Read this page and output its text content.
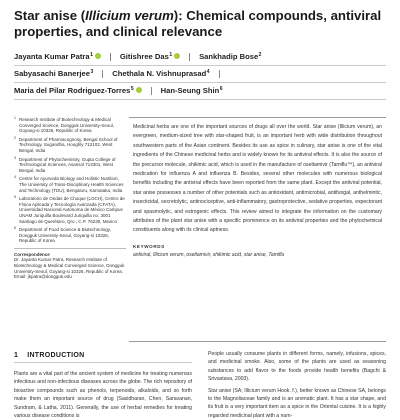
Star anise (Illicium verum): Chemical compounds, antiviral properties, and clinical relevance
Jayanta Kumar Patra$^1$	Gitishree Das$^1$	Sankhadip Bose$^2$
Sabyasachi Banerjee$^3$	Chethala N. Vishnuprasad$^4$
Maria del Pilar Rodriguez-Torres$^5$	Han-Seung Shin$^6$
1 Research Institute of Biotechnology & Medical Converged Science, Dongguk University-Seoul, Goyang-si 10326, Republic of Korea
2 Department of Pharmacognosy, Bengal School of Technology, Sugandha, Hooghly 712102, West Bengal, India
3 Department of Phytochemistry, Gupta College of Technological Sciences, Asansol 713301, West Bengal, India
4 Centre for Ayurveda Biology and Holistic Nutrition, The University of Trans-Disciplinary Health Sciences and Technology (TDU), Bengaluru, Karnataka, India
5 Laboratorio de Ondas de Choque (LOCH), Centro de Física Aplicada y Tecnología Avanzada (CFATA), Universidad Nacional Autónoma de México Campus UNAM Juriquilla Boulevard Juriquilla no. 3001 Santiago de Querétaro, Qro., C.P. 76230, Mexico
6 Department of Food Science & Biotechnology, Dongguk University-Seoul, Goyang-si 10326, Republic of Korea
Correspondence
Dr. Jayanta Kumar Patra, Research Institute of Biotechnology & Medical Converged Science, Dongguk University-Seoul, Goyang-si 10326, Republic of Korea.
Email: jkpatra@dongguk.edu
Medicinal herbs are one of the important sources of drugs all over the world. Star anise (Illicium verum), an evergreen, medium-sized tree with star-shaped fruit, is an important herb with wide distribution throughout southwestern parts of the Asian continent. Besides its use as spice in culinary, star anise is one of the vital ingredients of the Chinese medicinal herbs and is widely known for its antiviral effects. It is also the source of the precursor molecule, shikimic acid, which is used in the manufacture of oseltamivir (Tamiflu™), an antiviral medication for influenza A and influenza B. Besides, several other molecules with numerous biological benefits including the antiviral effects have been reported from the same plant. Except the antiviral potential, star anise possesses a number of other potentials such as antioxidant, antimicrobial, antifungal, anthelmintic, insecticidal, secretolytic, antinociceptive, anti-inflammatory, gastroprotective, sedative properties, expectorant and spasmolytic, and estrogenic effects. This review aimed to integrate the information on the customary attributes of the plant star anise with a specific prominence on its antiviral properties and the phytochemical constituents along with its clinical aptness.
KEYWORDS
antiviral, Illicium verum, oseltamivir, shikimic acid, star anise, Tamiflu
1 INTRODUCTION

Plants are a vital part of the ancient system of medicine for treating numerous infectious and non-infectious diseases across the globe. The rich repository of bioactive compounds such as phenols, terpenoids, alkaloids, and so forth make them an important source of drug (Sasidharan, Chen, Saravanan, Sundram, & Latha, 2011). Generally, the use of herbal remedies for treating various disease conditions is

People usually consume plants in different forms, namely, infusions, spices, and medicinal smoke. Also, some of the plants are used as seasoning substances to add flavor to the foods provide health benefits (Bagchi & Srivastava, 2003).

Star anise (SA; Illicium verum Hook. f.), better known as Chinese SA, belongs to the Magnoliaceae family and is an aromatic plant. It has a star shape, and its fruit is a very important item as a spice in the Oriental cuisine. It is a highly regarded medicinal plant with a num-
